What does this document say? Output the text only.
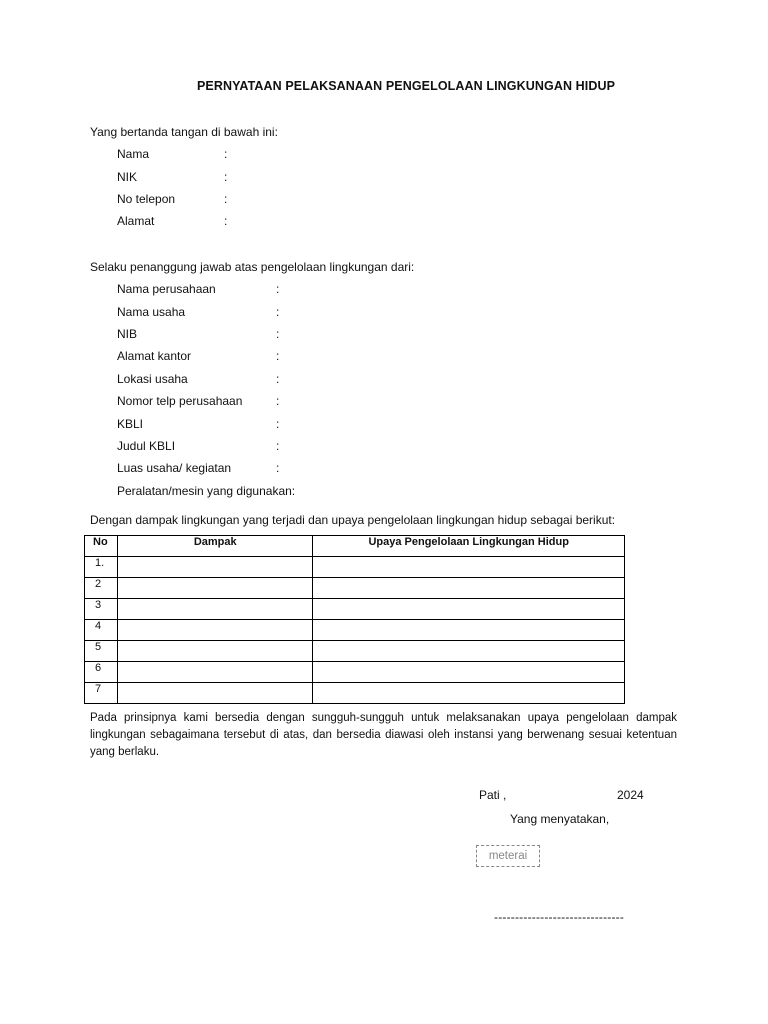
PERNYATAAN PELAKSANAAN PENGELOLAAN LINGKUNGAN HIDUP
Yang bertanda tangan di bawah ini:
Nama	:
NIK	:
No telepon	:
Alamat	:
Selaku penanggung jawab atas pengelolaan lingkungan dari:
Nama perusahaan	:
Nama usaha	:
NIB	:
Alamat kantor	:
Lokasi usaha	:
Nomor telp perusahaan	:
KBLI	:
Judul KBLI	:
Luas usaha/ kegiatan	:
Peralatan/mesin yang digunakan:
Dengan dampak lingkungan yang terjadi dan upaya pengelolaan lingkungan hidup sebagai berikut:
No	Dampak	Upaya Pengelolaan Lingkungan Hidup
1.		
2		
3		
4		
5		
6		
7		
Pada prinsipnya kami bersedia dengan sungguh-sungguh untuk melaksanakan upaya pengelolaan dampak lingkungan sebagaimana tersebut di atas, dan bersedia diawasi oleh instansi yang berwenang sesuai ketentuan yang berlaku.
Pati ,	2024
Yang menyatakan,
meterai
-------------------------------
